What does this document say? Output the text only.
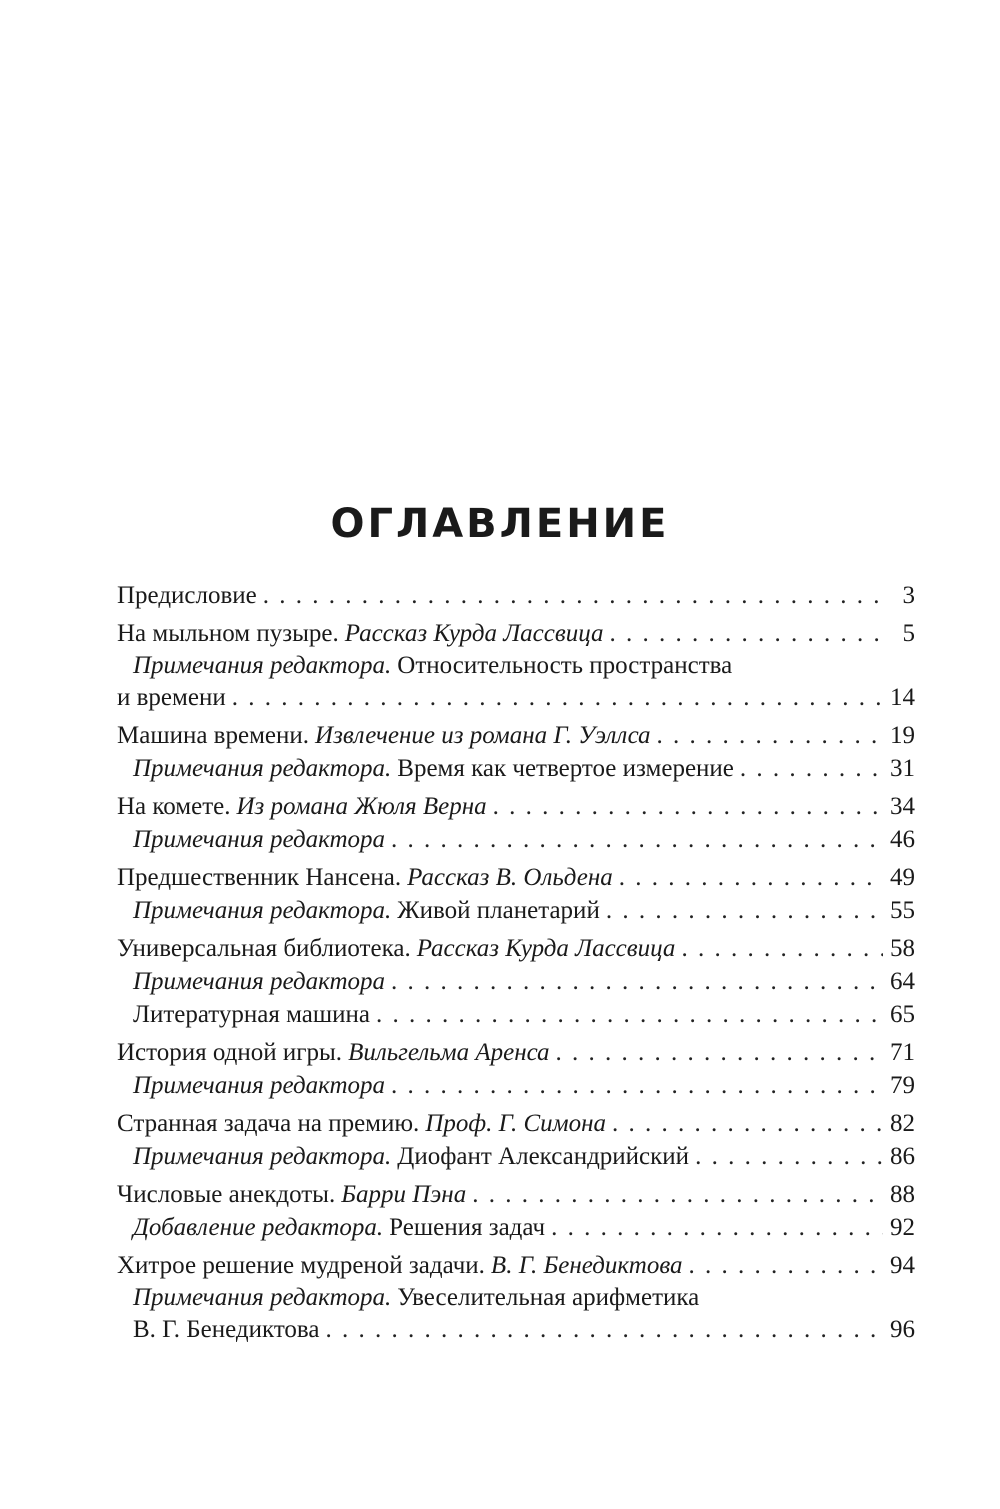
ОГЛАВЛЕНИЕ
Предисловие . . .	3
На мыльном пузыре. Рассказ Курда Лассвица . . .	5
Примечания редактора. Относительность пространства
и времени . . .	14
Машина времени. Извлечение из романа Г. Уэллса . . .	19
Примечания редактора. Время как четвертое измерение . . .	31
На комете. Из романа Жюля Верна . . .	34
Примечания редактора . . .	46
Предшественник Нансена. Рассказ В. Ольдена . . .	49
Примечания редактора. Живой планетарий . . .	55
Универсальная библиотека. Рассказ Курда Лассвица . . .	58
Примечания редактора . . .	64
Литературная машина . . .	65
История одной игры. Вильгельма Аренса . . .	71
Примечания редактора . . .	79
Странная задача на премию. Проф. Г. Симона . . .	82
Примечания редактора. Диофант Александрийский . . .	86
Числовые анекдоты. Барри Пэна . . .	88
Добавление редактора. Решения задач . . .	92
Хитрое решение мудреной задачи. В. Г. Бенедиктова . . .	94
Примечания редактора. Увеселительная арифметика
В. Г. Бенедиктова . . .	96
